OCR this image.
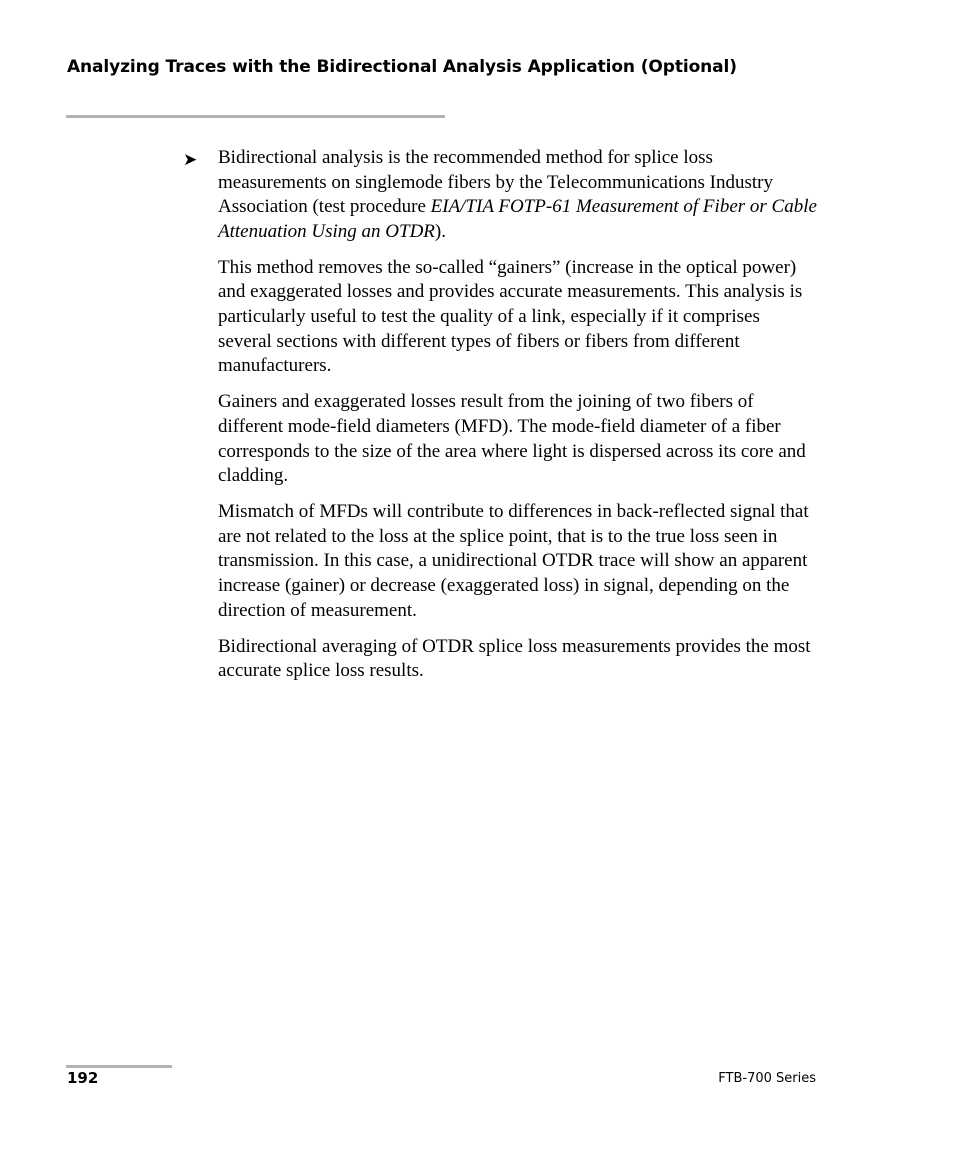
Analyzing Traces with the Bidirectional Analysis Application (Optional)
➤ Bidirectional analysis is the recommended method for splice loss measurements on singlemode fibers by the Telecommunications Industry Association (test procedure EIA/TIA FOTP-61 Measurement of Fiber or Cable Attenuation Using an OTDR).

This method removes the so-called “gainers” (increase in the optical power) and exaggerated losses and provides accurate measurements. This analysis is particularly useful to test the quality of a link, especially if it comprises several sections with different types of fibers or fibers from different manufacturers.

Gainers and exaggerated losses result from the joining of two fibers of different mode-field diameters (MFD). The mode-field diameter of a fiber corresponds to the size of the area where light is dispersed across its core and cladding.

Mismatch of MFDs will contribute to differences in back-reflected signal that are not related to the loss at the splice point, that is to the true loss seen in transmission. In this case, a unidirectional OTDR trace will show an apparent increase (gainer) or decrease (exaggerated loss) in signal, depending on the direction of measurement.

Bidirectional averaging of OTDR splice loss measurements provides the most accurate splice loss results.

192	FTB-700 Series
